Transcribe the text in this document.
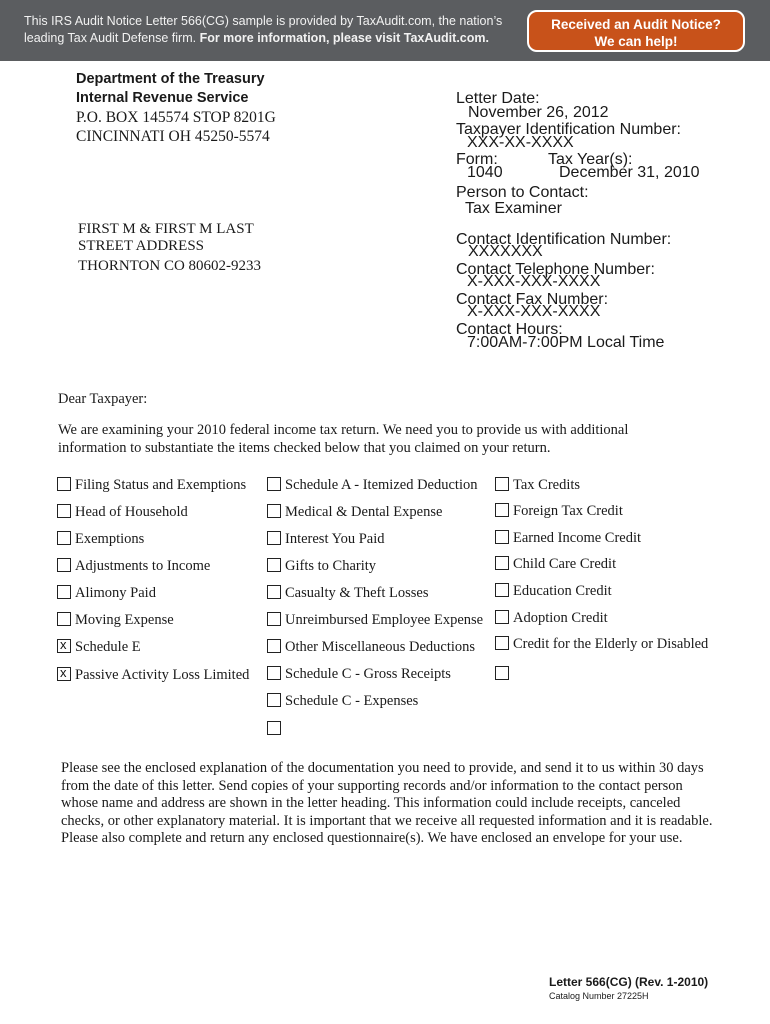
This IRS Audit Notice Letter 566(CG) sample is provided by TaxAudit.com, the nation’s
leading Tax Audit Defense firm. For more information, please visit TaxAudit.com.
Received an Audit Notice?
We can help!
Department of the Treasury
Internal Revenue Service
P.O. BOX 145574 STOP 8201G
CINCINNATI OH 45250-5574
FIRST M & FIRST M LAST
STREET ADDRESS
THORNTON CO 80602-9233
Letter Date:
November 26, 2012
Taxpayer Identification Number:
XXX-XX-XXXX
Form:
1040
Tax Year(s):
December 31, 2010
Person to Contact:
Tax Examiner
Contact Identification Number:
XXXXXXX
Contact Telephone Number:
X-XXX-XXX-XXXX
Contact Fax Number:
X-XXX-XXX-XXXX
Contact Hours:
7:00AM-7:00PM Local Time
Dear Taxpayer:
We are examining your 2010 federal income tax return. We need you to provide us with additional information to substantiate the items checked below that you claimed on your return.
Filing Status and Exemptions
Head of Household
Exemptions
Adjustments to Income
Alimony Paid
Moving Expense
x
Schedule E
x
Passive Activity Loss Limited
Schedule A - Itemized Deduction
Medical & Dental Expense
Interest You Paid
Gifts to Charity
Casualty & Theft Losses
Unreimbursed Employee Expense
Other Miscellaneous Deductions
Schedule C - Gross Receipts
Schedule C - Expenses
Tax Credits
Foreign Tax Credit
Earned Income Credit
Child Care Credit
Education Credit
Adoption Credit
Credit for the Elderly or Disabled
Please see the enclosed explanation of the documentation you need to provide, and send it to us within 30 days from the date of this letter. Send copies of your supporting records and/or information to the contact person whose name and address are shown in the letter heading. This information could include receipts, canceled checks, or other explanatory material. It is important that we receive all requested information and it is readable. Please also complete and return any enclosed questionnaire(s). We have enclosed an envelope for your use.
Letter 566(CG) (Rev. 1-2010)
Catalog Number 27225H
